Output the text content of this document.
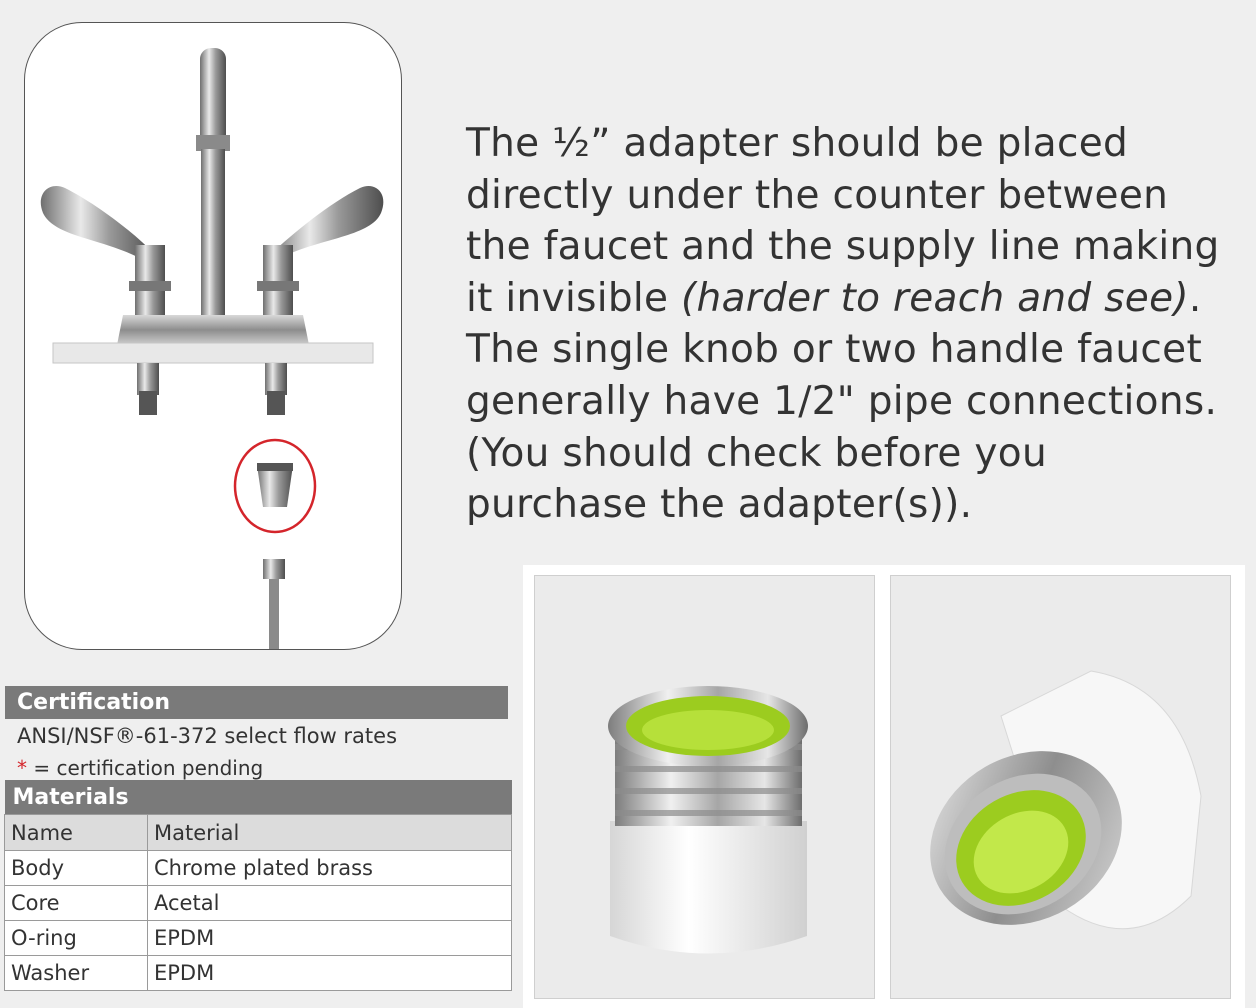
The ½” adapter should be placed directly under the counter between the faucet and the supply line making it invisible (harder to reach and see).

The single knob or two handle faucet generally have 1/2" pipe connections. (You should check before you purchase the adapter(s)).

Certification
ANSI/NSF®-61-372 select flow rates
* = certification pending
Materials	
Name	Material
Body	Chrome plated brass
Core	Acetal
O-ring	EPDM
Washer	EPDM
